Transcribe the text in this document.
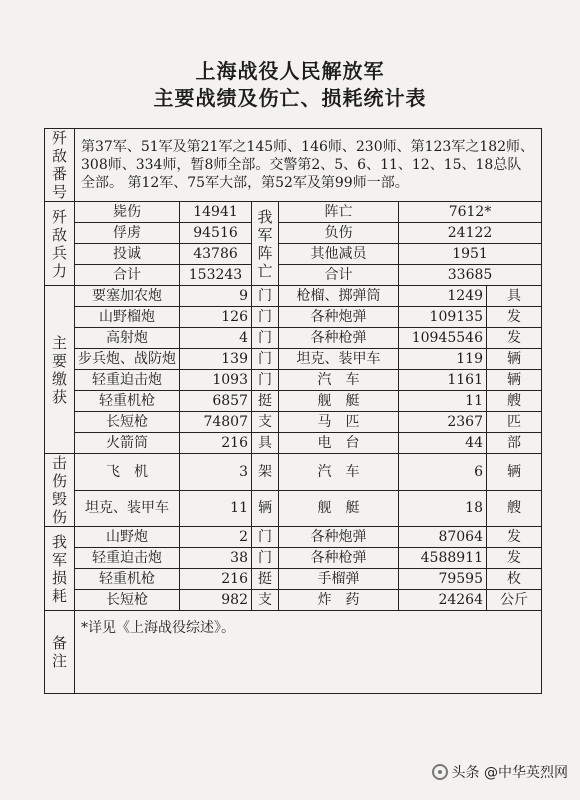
上海战役人民解放军
主要战绩及伤亡、损耗统计表
歼敌番号	第37军、51军及第21军之145师、146师、230师、第123军之182师、308师、334师，暂8师全部。交警第2、5、6、11、12、15、18总队全部。 第12军、75军大部，第52军及第99师一部。					
歼敌兵力	毙伤	14941	我军阵亡	阵亡	7612*	
	俘虏	94516		负伤	24122	
	投诚	43786		其他减员	1951	
	合计	153243		合计	33685	
主要缴获	要塞加农炮	9	门	枪榴、掷弹筒	1249	具
	山野榴炮	126	门	各种炮弹	109135	发
	高射炮	4	门	各种枪弹	10945546	发
	步兵炮、战防炮	139	门	坦克、装甲车	119	辆
	轻重迫击炮	1093	门	汽　车	1161	辆
	轻重机枪	6857	挺	舰　艇	11	艘
	长短枪	74807	支	马　匹	2367	匹
	火箭筒	216	具	电　台	44	部
击伤毁伤	飞　机	3	架	汽　车	6	辆
	坦克、装甲车	11	辆	舰　艇	18	艘
我军损耗	山野炮	2	门	各种炮弹	87064	发
	轻重迫击炮	38	门	各种枪弹	4588911	发
	轻重机枪	216	挺	手榴弹	79595	枚
	长短枪	982	支	炸　药	24264	公斤
备注	*详见《上海战役综述》。					
头条 @中华英烈网
